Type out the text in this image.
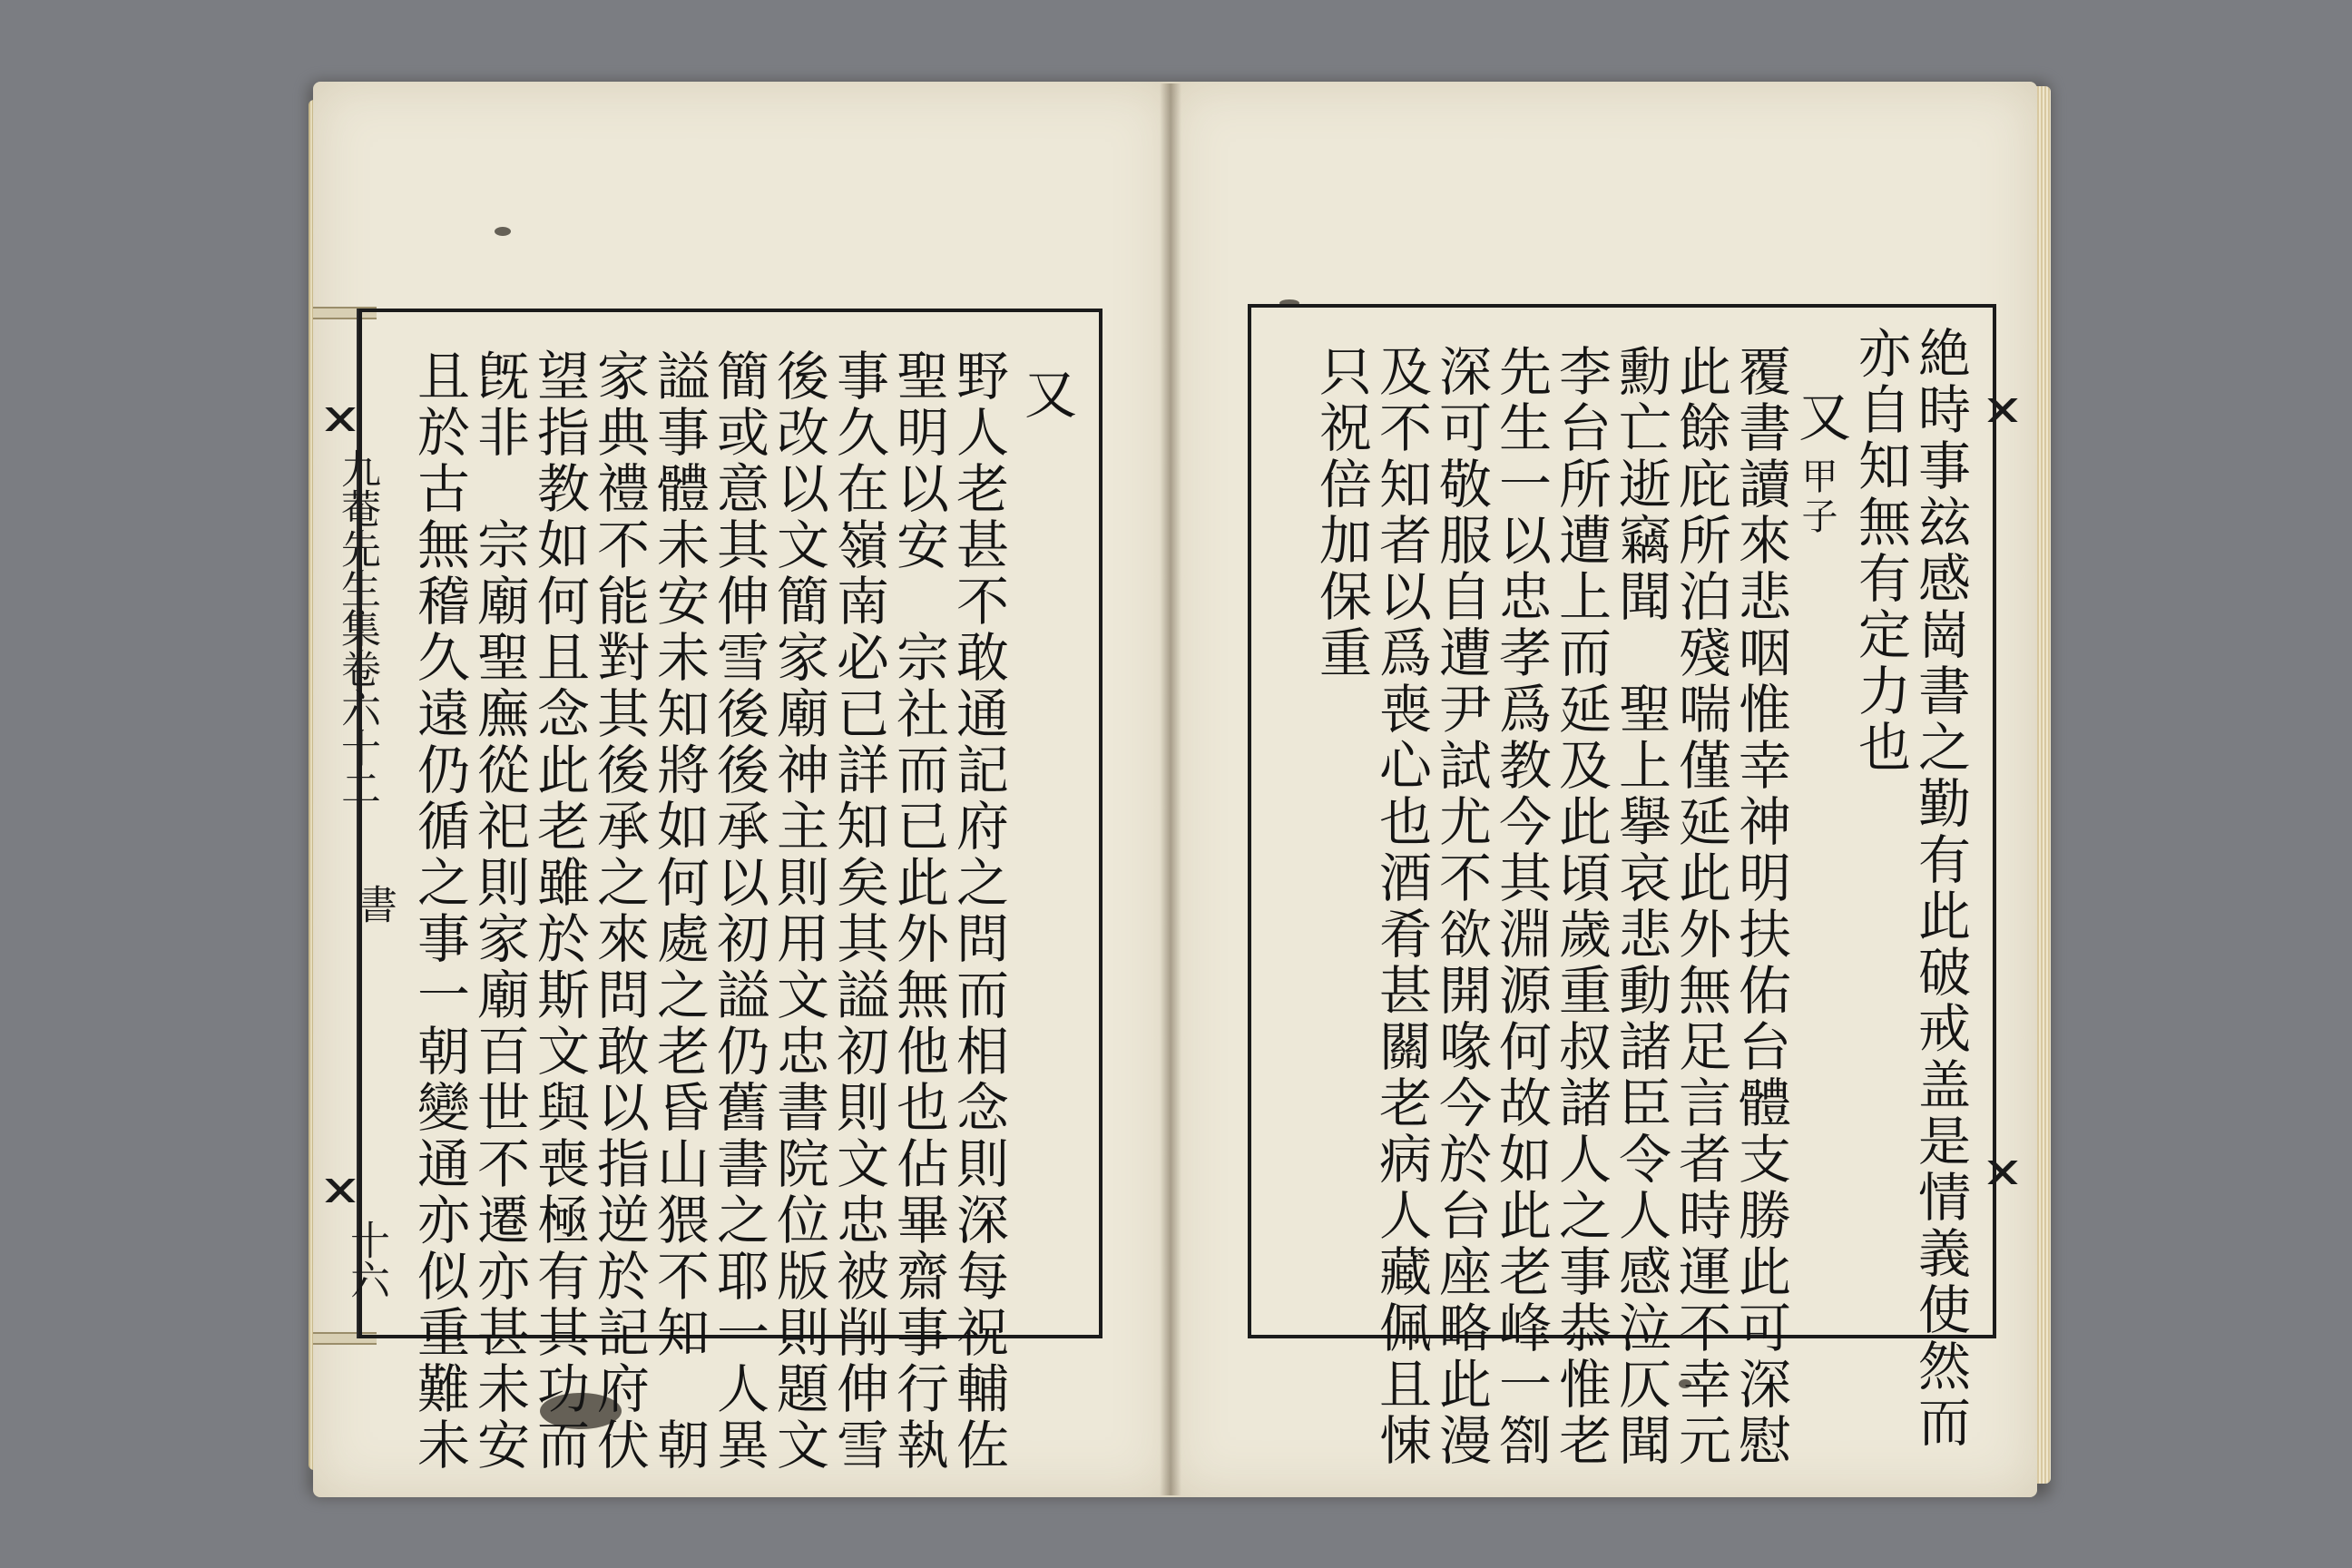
九菴先生集卷六十二
書
十六
又
野人老甚不敢通記府之問而相念則深每祝輔佐
聖明以安　宗社而已此外無他也佔畢齋事行執
事久在嶺南必已詳知矣其謚初則文忠被削伸雪
後改以文簡家廟神主則用文忠書院位版則題文
簡或意其伸雪後後承以初謚仍舊書之耶一人異
謚事體未安未知將如何處之老昏山猥不知　朝
家典禮不能對其後承之來問敢以指逆於記府伏
望指教如何且念此老雖於斯文與喪極有其功而
旣非　宗廟聖廡從祀則家廟百世不遷亦甚未安
且於古無稽久遠仍循之事一朝變通亦似重難未	絶時事玆感崗書之勤有此破戒盖是情義使然而
亦自知無有定力也
又
甲子
覆書讀來悲咽惟幸神明扶佑台體支勝此可深慰
此餘庇所泊殘喘僅延此外無足言者時運不幸元
勳亡逝竊聞　聖上擧哀悲動諸臣令人感泣仄聞
李台所遭上而延及此頃歲重叔諸人之事恭惟老
先生一以忠孝爲教今其淵源何故如此老峰一劄
深可敬服自遭尹試尤不欲開喙今於台座略此漫
及不知者以爲喪心也酒肴甚關老病人藏佩且悚
只祝倍加保重
